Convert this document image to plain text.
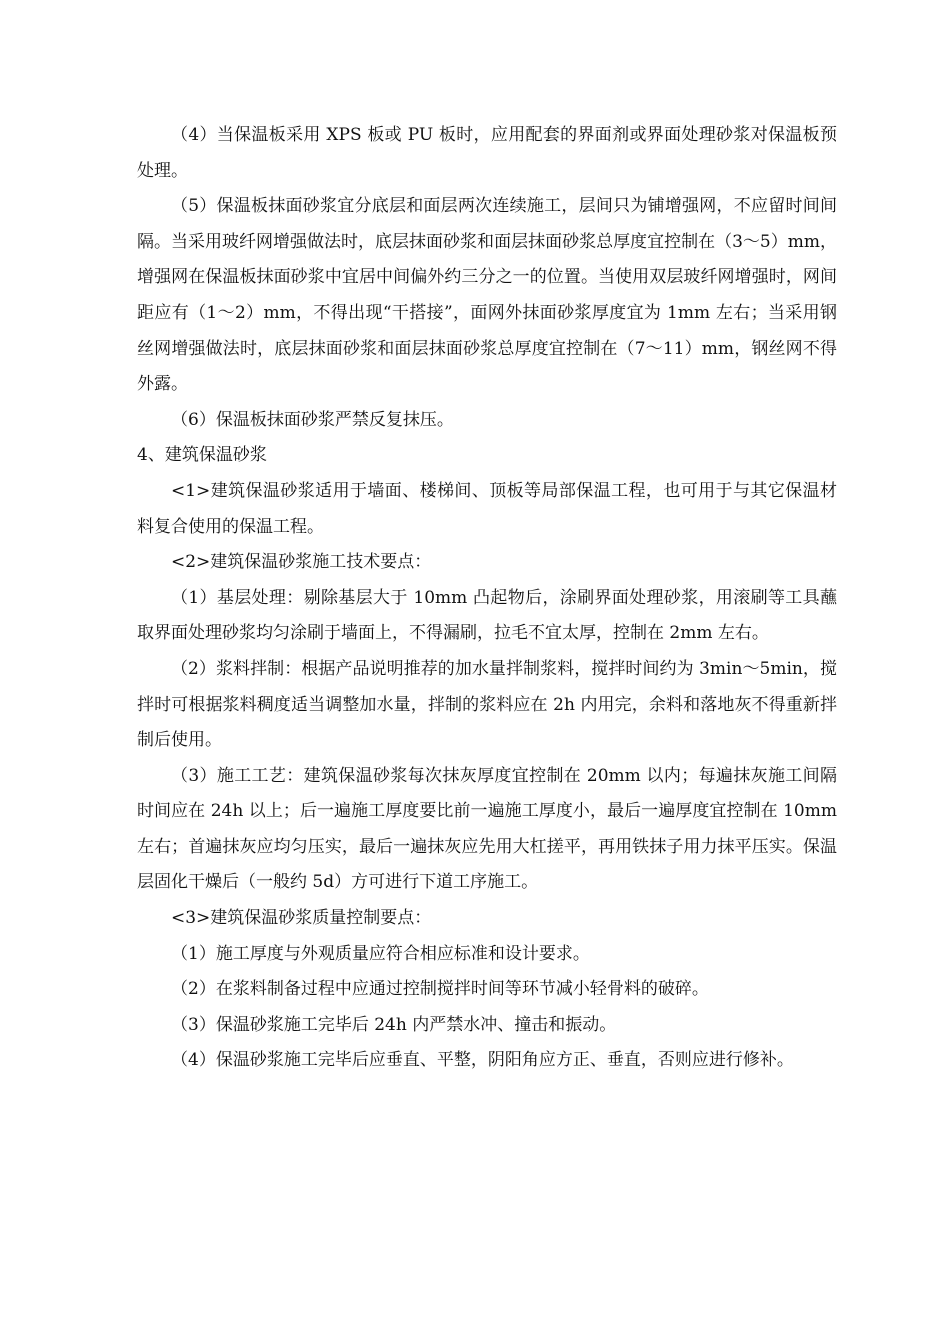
（4）当保温板采用 XPS 板或 PU 板时，应用配套的界面剂或界面处理砂浆对保温板预处理。

（5）保温板抹面砂浆宜分底层和面层两次连续施工，层间只为铺增强网，不应留时间间隔。当采用玻纤网增强做法时，底层抹面砂浆和面层抹面砂浆总厚度宜控制在（3～5）mm，增强网在保温板抹面砂浆中宜居中间偏外约三分之一的位置。当使用双层玻纤网增强时，网间距应有（1～2）mm，不得出现“干搭接”，面网外抹面砂浆厚度宜为 1mm 左右；当采用钢丝网增强做法时，底层抹面砂浆和面层抹面砂浆总厚度宜控制在（7～11）mm，钢丝网不得外露。

（6）保温板抹面砂浆严禁反复抹压。

4、建筑保温砂浆

<1>建筑保温砂浆适用于墙面、楼梯间、顶板等局部保温工程，也可用于与其它保温材料复合使用的保温工程。

<2>建筑保温砂浆施工技术要点：

（1）基层处理：剔除基层大于 10mm 凸起物后，涂刷界面处理砂浆，用滚刷等工具蘸取界面处理砂浆均匀涂刷于墙面上，不得漏刷，拉毛不宜太厚，控制在 2mm 左右。

（2）浆料拌制：根据产品说明推荐的加水量拌制浆料，搅拌时间约为 3min～5min，搅拌时可根据浆料稠度适当调整加水量，拌制的浆料应在 2h 内用完，余料和落地灰不得重新拌制后使用。

（3）施工工艺：建筑保温砂浆每次抹灰厚度宜控制在 20mm 以内；每遍抹灰施工间隔时间应在 24h 以上；后一遍施工厚度要比前一遍施工厚度小，最后一遍厚度宜控制在 10mm 左右；首遍抹灰应均匀压实，最后一遍抹灰应先用大杠搓平，再用铁抹子用力抹平压实。保温层固化干燥后（一般约 5d）方可进行下道工序施工。

<3>建筑保温砂浆质量控制要点：

（1）施工厚度与外观质量应符合相应标准和设计要求。

（2）在浆料制备过程中应通过控制搅拌时间等环节减小轻骨料的破碎。

（3）保温砂浆施工完毕后 24h 内严禁水冲、撞击和振动。

（4）保温砂浆施工完毕后应垂直、平整，阴阳角应方正、垂直，否则应进行修补。
